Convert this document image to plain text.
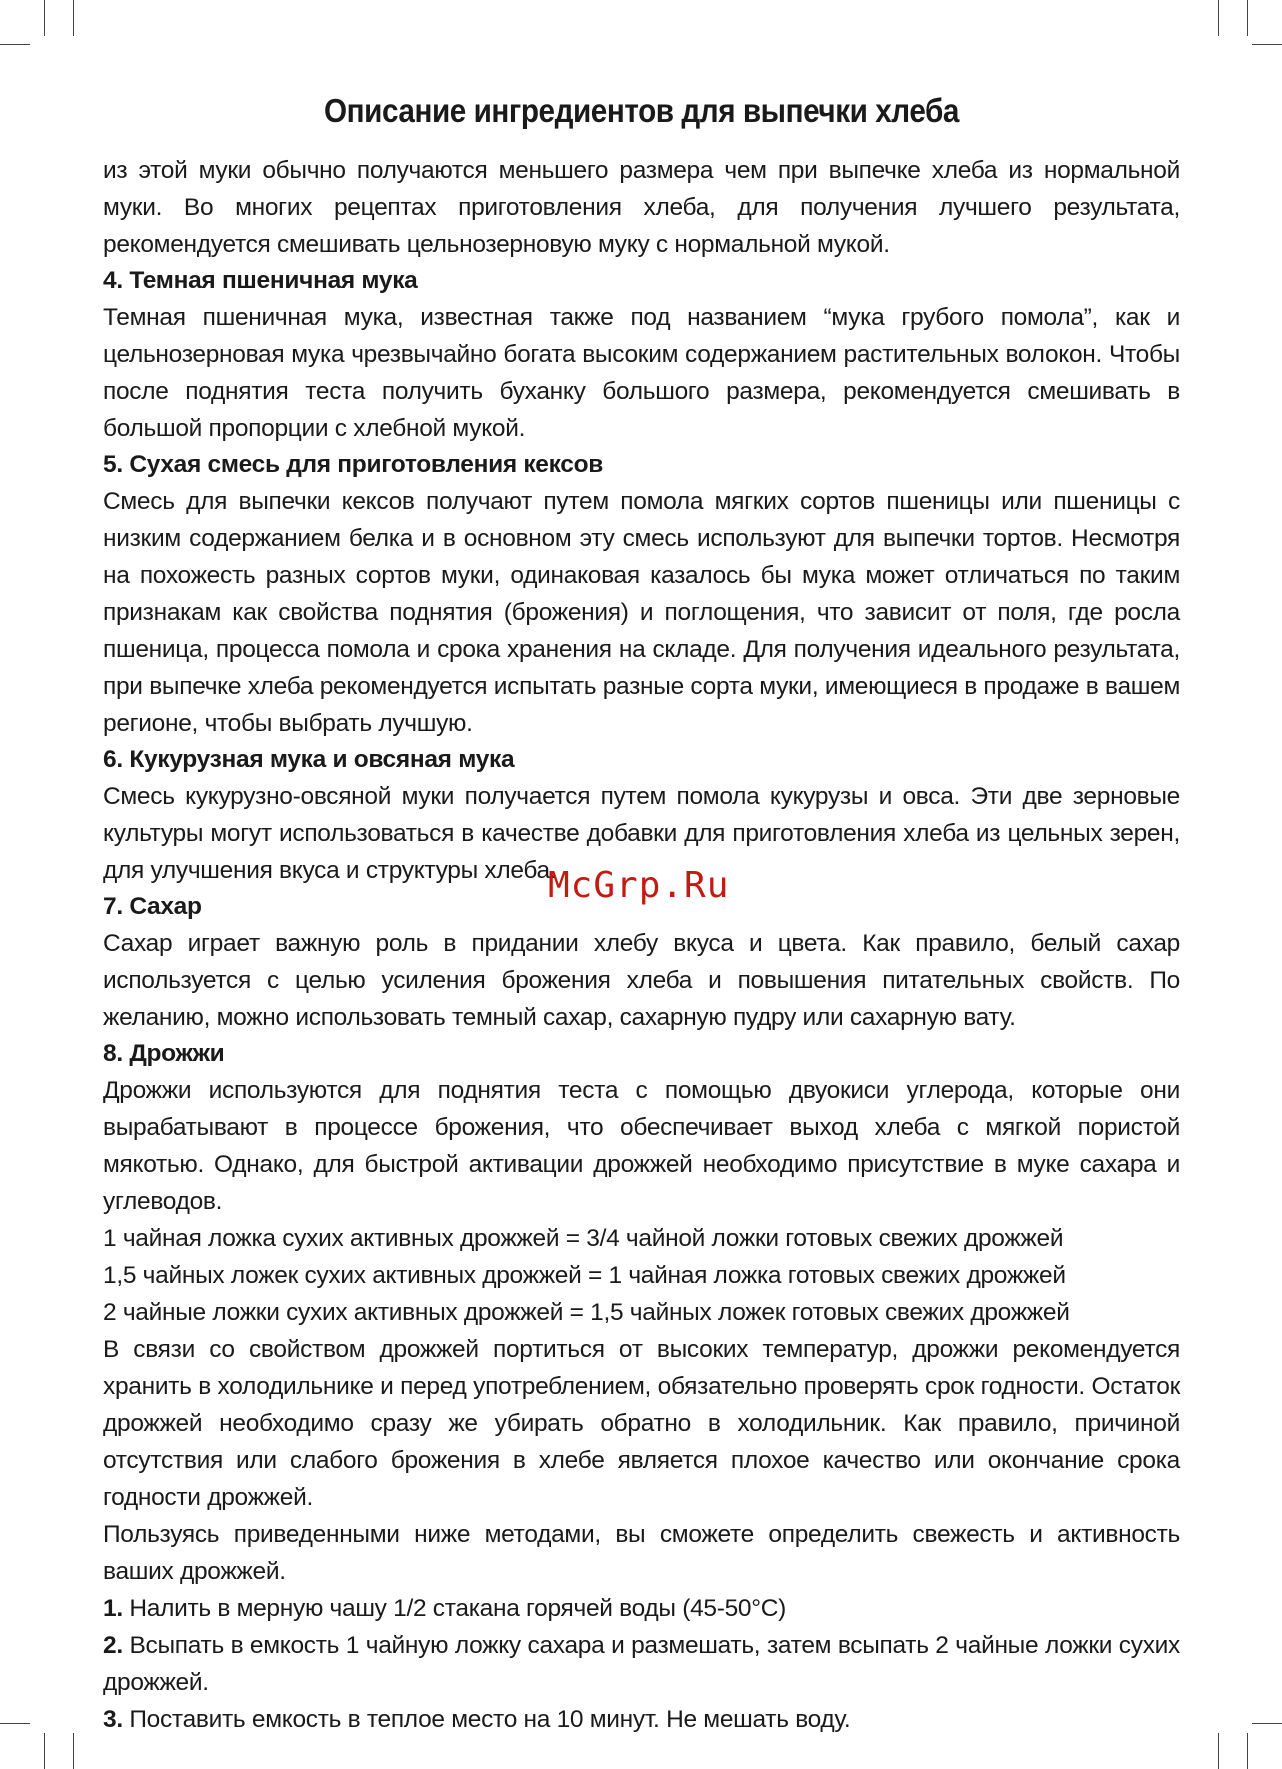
Описание ингредиентов для выпечки хлеба

из этой муки обычно получаются меньшего размера чем при выпечке хлеба из нормальной муки. Во многих рецептах приготовления хлеба, для получения лучшего результата, рекомендуется смешивать цельнозерновую муку с нормальной мукой.

4. Темная пшеничная мука

Темная пшеничная мука, известная также под названием “мука грубого помола”, как и цельнозерновая мука чрезвычайно богата высоким содержанием растительных волокон. Чтобы после поднятия теста получить буханку большого размера, рекомендуется смешивать в большой пропорции с хлебной мукой.

5. Сухая смесь для приготовления кексов

Смесь для выпечки кексов получают путем помола мягких сортов пшеницы или пшеницы с низким содержанием белка и в основном эту смесь используют для выпечки тортов. Несмотря на похожесть разных сортов муки, одинаковая казалось бы мука может отличаться по таким признакам как свойства поднятия (брожения) и поглощения, что зависит от поля, где росла пшеница, процесса помола и срока хранения на складе. Для получения идеального результата, при выпечке хлеба рекомендуется испытать разные сорта муки, имеющиеся в продаже в вашем регионе, чтобы выбрать лучшую.

6. Кукурузная мука и овсяная мука

Смесь кукурузно-овсяной муки получается путем помола кукурузы и овса. Эти две зерновые культуры могут использоваться в качестве добавки для приготовления хлеба из цельных зерен, для улучшения вкуса и структуры хлеба.

7. Сахар

Сахар играет важную роль в придании хлебу вкуса и цвета. Как правило, белый сахар используется с целью усиления брожения хлеба и повышения питательных свойств. По желанию, можно использовать темный сахар, сахарную пудру или сахарную вату.

8. Дрожжи

Дрожжи используются для поднятия теста с помощью двуокиси углерода, которые они вырабатывают в процессе брожения, что обеспечивает выход хлеба с мягкой пористой мякотью. Однако, для быстрой активации дрожжей необходимо присутствие в муке сахара и углеводов.

1 чайная ложка сухих активных дрожжей = 3/4 чайной ложки готовых свежих дрожжей

1,5 чайных ложек сухих активных дрожжей = 1 чайная ложка готовых свежих дрожжей

2 чайные ложки сухих активных дрожжей = 1,5 чайных ложек готовых свежих дрожжей

В связи со свойством дрожжей портиться от высоких температур, дрожжи рекомендуется хранить в холодильнике и перед употреблением, обязательно проверять срок годности. Остаток дрожжей необходимо сразу же убирать обратно в холодильник. Как правило, причиной отсутствия или слабого брожения в хлебе является плохое качество или окончание срока годности дрожжей.

Пользуясь приведенными ниже методами, вы сможете определить свежесть и активность ваших дрожжей.

1. Налить в мерную чашу 1/2 стакана горячей воды (45-50°C)

2. Всыпать в емкость 1 чайную ложку сахара и размешать, затем всыпать 2 чайные ложки сухих дрожжей.

3. Поставить емкость в теплое место на 10 минут. Не мешать воду.

McGrp.Ru
